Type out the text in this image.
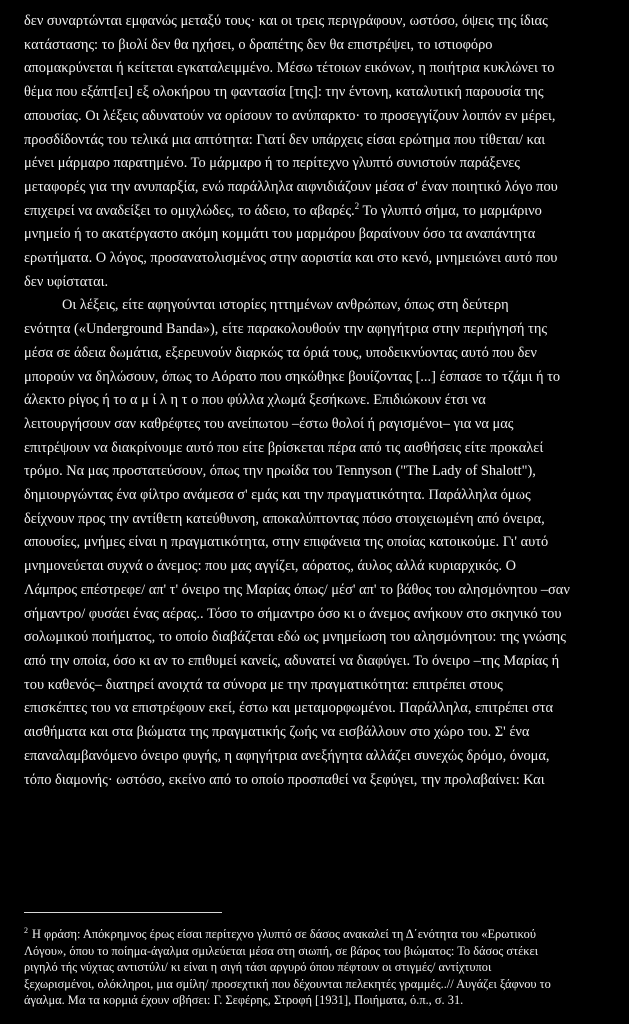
δεν συναρτώνται εμφανώς μεταξύ τους· και οι τρεις περιγράφουν, ωστόσο, όψεις της ίδιας
κατάστασης: το βιολί δεν θα ηχήσει, ο δραπέτης δεν θα επιστρέψει, το ιστιοφόρο
απομακρύνεται ή κείτεται εγκαταλειμμένο. Μέσω τέτοιων εικόνων, η ποιήτρια κυκλώνει το
θέμα που εξάπτ[ει] εξ ολοκήρου τη φαντασία [της]: την έντονη, καταλυτική παρουσία της
απουσίας. Οι λέξεις αδυνατούν να ορίσουν το ανύπαρκτο· το προσεγγίζουν λοιπόν εν μέρει,
προσδίδοντάς του τελικά μια απτότητα: Γιατί δεν υπάρχεις είσαι ερώτημα που τίθεται/ και
μένει μάρμαρο παρατημένο. Το μάρμαρο ή το περίτεχνο γλυπτό συνιστούν παράξενες
μεταφορές για την ανυπαρξία, ενώ παράλληλα αιφνιδιάζουν μέσα σ' έναν ποιητικό λόγο που
επιχειρεί να αναδείξει το ομιχλώδες, το άδειο, το αβαρές.$^2$ Το γλυπτό σήμα, το μαρμάρινο
μνημείο ή το ακατέργαστο ακόμη κομμάτι του μαρμάρου βαραίνουν όσο τα αναπάντητα
ερωτήματα. Ο λόγος, προσανατολισμένος στην αοριστία και στο κενό, μνημειώνει αυτό που
δεν υφίσταται.

Οι λέξεις, είτε αφηγούνται ιστορίες ηττημένων ανθρώπων, όπως στη δεύτερη
ενότητα («Underground Banda»), είτε παρακολουθούν την αφηγήτρια στην περιήγησή της
μέσα σε άδεια δωμάτια, εξερευνούν διαρκώς τα όριά τους, υποδεικνύοντας αυτό που δεν
μπορούν να δηλώσουν, όπως το Αόρατο που σηκώθηκε βουίζοντας [...] έσπασε το τζάμι ή το
άλεκτο ρίγος ή το α μ ί λ η τ ο που φύλλα χλωμά ξεσήκωνε. Επιδιώκουν έτσι να
λειτουργήσουν σαν καθρέφτες του ανείπωτου –έστω θολοί ή ραγισμένοι– για να μας
επιτρέψουν να διακρίνουμε αυτό που είτε βρίσκεται πέρα από τις αισθήσεις είτε προκαλεί
τρόμο. Να μας προστατεύσουν, όπως την ηρωίδα του Tennyson ("The Lady of Shalott"),
δημιουργώντας ένα φίλτρο ανάμεσα σ' εμάς και την πραγματικότητα. Παράλληλα όμως
δείχνουν προς την αντίθετη κατεύθυνση, αποκαλύπτοντας πόσο στοιχειωμένη από όνειρα,
απουσίες, μνήμες είναι η πραγματικότητα, στην επιφάνεια της οποίας κατοικούμε. Γι' αυτό
μνημονεύεται συχνά ο άνεμος: που μας αγγίζει, αόρατος, άυλος αλλά κυριαρχικός. Ο
Λάμπρος επέστρεφε/ απ' τ' όνειρο της Μαρίας όπως/ μέσ' απ' το βάθος του αλησμόνητου –σαν
σήμαντρο/ φυσάει ένας αέρας.. Τόσο το σήμαντρο όσο κι ο άνεμος ανήκουν στο σκηνικό του
σολωμικού ποιήματος, το οποίο διαβάζεται εδώ ως μνημείωση του αλησμόνητου: της γνώσης
από την οποία, όσο κι αν το επιθυμεί κανείς, αδυνατεί να διαφύγει. Το όνειρο –της Μαρίας ή
του καθενός– διατηρεί ανοιχτά τα σύνορα με την πραγματικότητα: επιτρέπει στους
επισκέπτες του να επιστρέφουν εκεί, έστω και μεταμορφωμένοι. Παράλληλα, επιτρέπει στα
αισθήματα και στα βιώματα της πραγματικής ζωής να εισβάλλουν στο χώρο του. Σ' ένα
επαναλαμβανόμενο όνειρο φυγής, η αφηγήτρια ανεξήγητα αλλάζει συνεχώς δρόμο, όνομα,
τόπο διαμονής· ωστόσο, εκείνο από το οποίο προσπαθεί να ξεφύγει, την προλαβαίνει: Και

$^2$ Η φράση: Απόκρημνος έρως είσαι περίτεχνο γλυπτό σε δάσος ανακαλεί τη Δ΄ενότητα του «Ερωτικού
Λόγου», όπου το ποίημα-άγαλμα σμιλεύεται μέσα στη σιωπή, σε βάρος του βιώματος: Το δάσος στέκει
ριγηλό τής νύχτας αντιστύλι/ κι είναι η σιγή τάσι αργυρό όπου πέφτουν οι στιγμές/ αντίχτυποι
ξεχωρισμένοι, ολόκληροι, μια σμίλη/ προσεχτική που δέχουνται πελεκητές γραμμές..// Αυγάζει ξάφνου το
άγαλμα. Μα τα κορμιά έχουν σβήσει: Γ. Σεφέρης, Στροφή [1931], Ποιήματα, ό.π., σ. 31.
